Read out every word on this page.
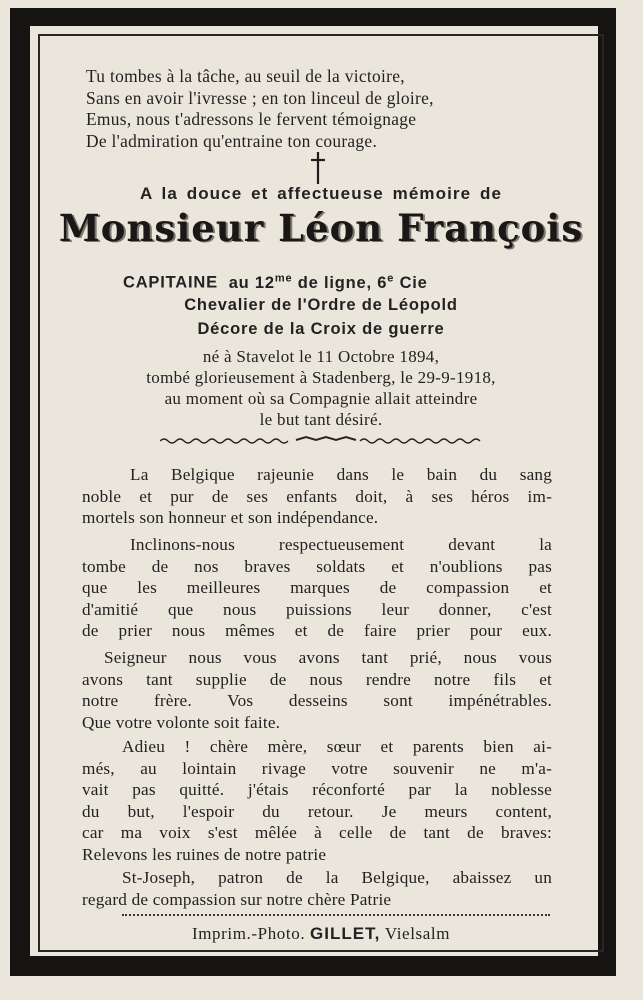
Tu tombes à la tâche, au seuil de la victoire,
Sans en avoir l'ivresse ; en ton linceul de gloire,
Emus, nous t'adressons le fervent témoignage
De l'admiration qu'entraine ton courage.
A la douce et affectueuse mémoire de
Monsieur Léon François
CAPITAINE au $12^{me}$ de ligne, 6e Cie
Chevalier de l'Ordre de Léopold
Décore de la Croix de guerre
né à Stavelot le 11 Octobre 1894,
tombé glorieusement à Stadenberg, le 29-9-1918,
au moment où sa Compagnie allait atteindre
le but tant désiré.
La Belgique rajeunie dans le bain du sang
noble et pur de ses enfants doit, à ses héros im-
mortels son honneur et son indépendance.
Inclinons-nous respectueusement devant la
tombe de nos braves soldats et n'oublions pas
que les meilleures marques de compassion et
d'amitié que nous puissions leur donner, c'est
de prier nous mêmes et de faire prier pour eux.
Seigneur nous vous avons tant prié, nous vous
avons tant supplie de nous rendre notre fils et
notre frère. Vos desseins sont impénétrables.
Que votre volonte soit faite.
Adieu ! chère mère, sœur et parents bien ai-
més, au lointain rivage votre souvenir ne m'a-
vait pas quitté. j'étais réconforté par la noblesse
du but, l'espoir du retour. Je meurs content,
car ma voix s'est mêlée à celle de tant de braves:
Relevons les ruines de notre patrie
St-Joseph, patron de la Belgique, abaissez un
regard de compassion sur notre chère Patrie
Imprim.-Photo. GILLET, Vielsalm
